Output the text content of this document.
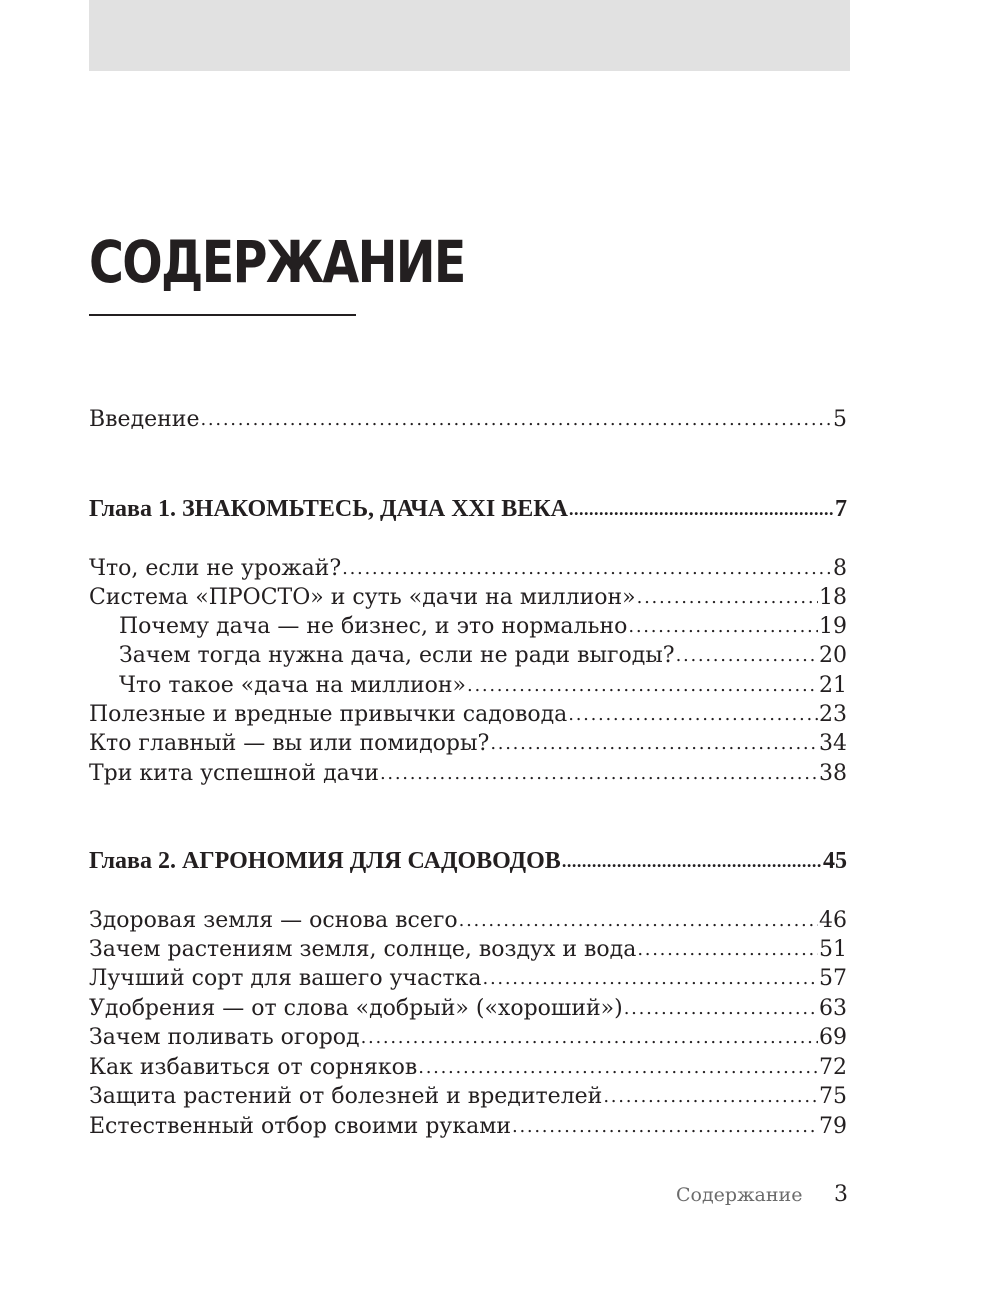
СОДЕРЖАНИЕ
Введение . . .	5
Глава 1. ЗНАКОМЬТЕСЬ, ДАЧА XXI ВЕКА . . .	7
Что, если не урожай? . . .	8
Система «ПРОСТО» и суть «дачи на миллион» . . .	18
Почему дача — не бизнес, и это нормально . . .	19
Зачем тогда нужна дача, если не ради выгоды? . . .	20
Что такое «дача на миллион» . . .	21
Полезные и вредные привычки садовода . . .	23
Кто главный — вы или помидоры? . . .	34
Три кита успешной дачи . . .	38
Глава 2. АГРОНОМИЯ ДЛЯ САДОВОДОВ . . .	45
Здоровая земля — основа всего . . .	46
Зачем растениям земля, солнце, воздух и вода . . .	51
Лучший сорт для вашего участка . . .	57
Удобрения — от слова «добрый» («хороший») . . .	63
Зачем поливать огород . . .	69
Как избавиться от сорняков . . .	72
Защита растений от болезней и вредителей . . .	75
Естественный отбор своими руками . . .	79
Содержание 3
